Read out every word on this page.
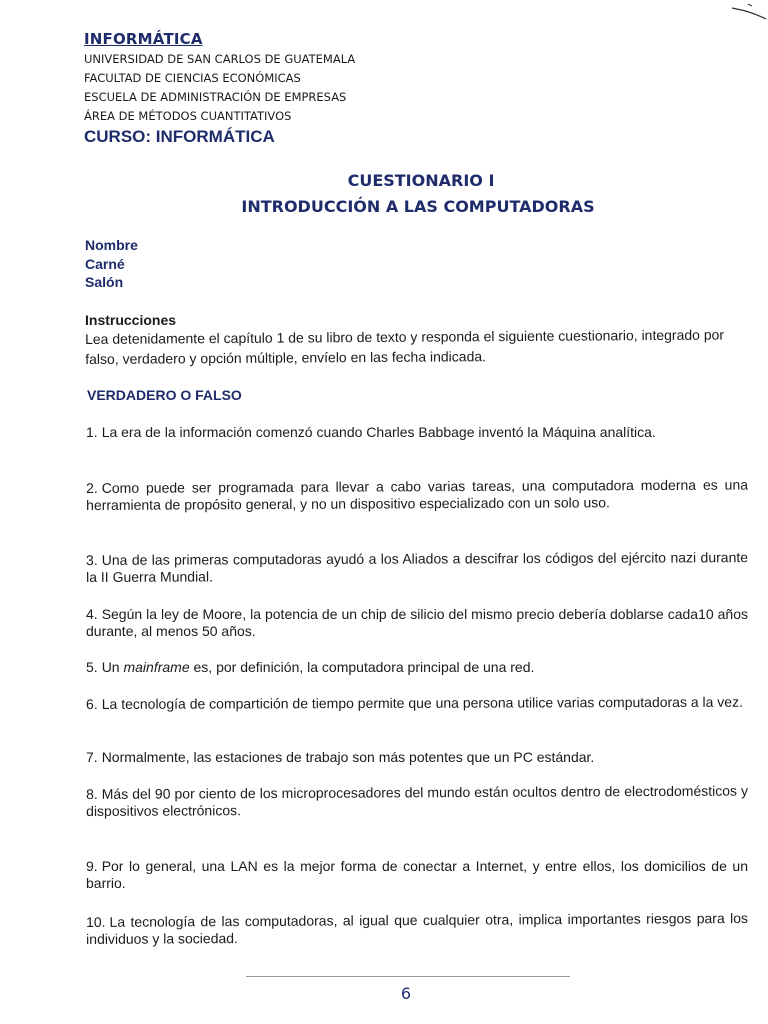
INFORMÁTICA

UNIVERSIDAD DE SAN CARLOS DE GUATEMALA

FACULTAD DE CIENCIAS ECONÓMICAS

ESCUELA DE ADMINISTRACIÓN DE EMPRESAS

ÁREA DE MÉTODOS CUANTITATIVOS

CURSO: INFORMÁTICA

CUESTIONARIO I

INTRODUCCIÓN A LAS COMPUTADORAS

Nombre

Carné

Salón

Instrucciones

Lea detenidamente el capítulo 1 de su libro de texto y responda el siguiente cuestionario, integrado por falso, verdadero y opción múltiple, envíelo en las fecha indicada.

VERDADERO O FALSO

1. La era de la información comenzó cuando Charles Babbage inventó la Máquina analítica.

2. Como puede ser programada para llevar a cabo varias tareas, una computadora moderna es una herramienta de propósito general, y no un dispositivo especializado con un solo uso.

3. Una de las primeras computadoras ayudó a los Aliados a descifrar los códigos del ejército nazi durante la II Guerra Mundial.

4. Según la ley de Moore, la potencia de un chip de silicio del mismo precio debería doblarse cada10 años durante, al menos 50 años.

5. Un mainframe es, por definición, la computadora principal de una red.

6. La tecnología de compartición de tiempo permite que una persona utilice varias computadoras a la vez.

7. Normalmente, las estaciones de trabajo son más potentes que un PC estándar.

8. Más del 90 por ciento de los microprocesadores del mundo están ocultos dentro de electrodomésticos y dispositivos electrónicos.

9. Por lo general, una LAN es la mejor forma de conectar a Internet, y entre ellos, los domicilios de un barrio.

10. La tecnología de las computadoras, al igual que cualquier otra, implica importantes riesgos para los individuos y la sociedad.

6
